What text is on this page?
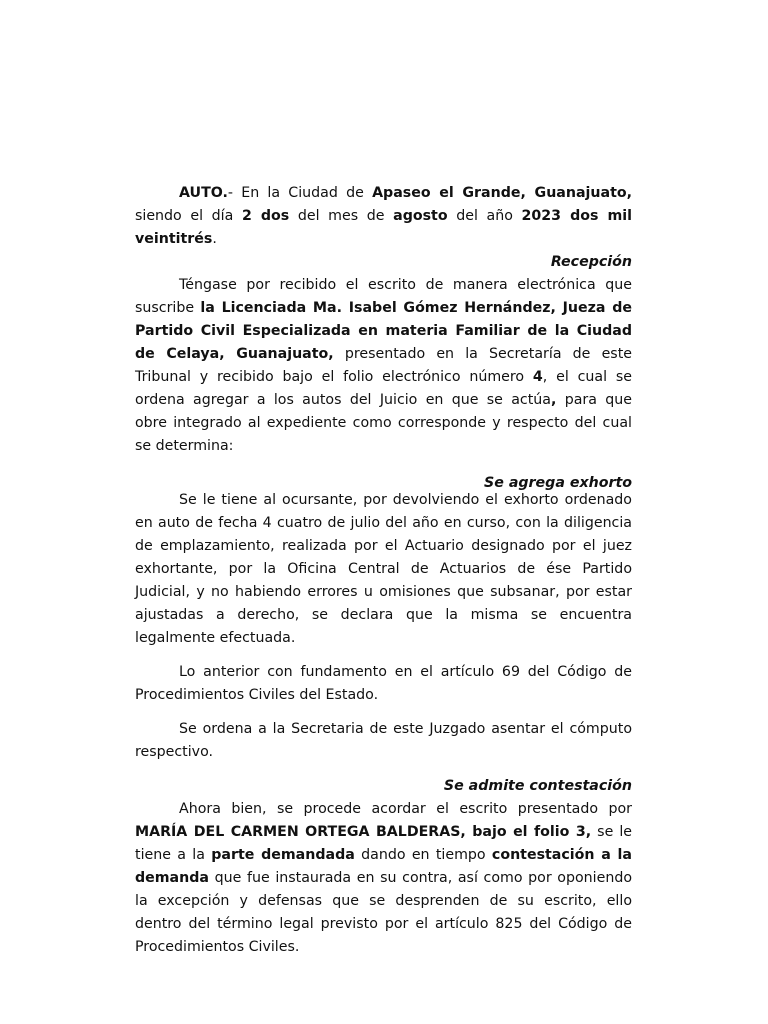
AUTO.- En la Ciudad de Apaseo el Grande, Guanajuato,
siendo el día 2 dos del mes de agosto del año 2023 dos mil
veintitrés.
Recepción
Téngase por recibido el escrito de manera electrónica que
suscribe la Licenciada Ma. Isabel Gómez Hernández, Jueza de
Partido Civil Especializada en materia Familiar de la Ciudad
de Celaya, Guanajuato, presentado en la Secretaría de este
Tribunal y recibido bajo el folio electrónico número 4, el cual se
ordena agregar a los autos del Juicio en que se actúa, para que
obre integrado al expediente como corresponde y respecto del cual
se determina:
Se agrega exhorto
Se le tiene al ocursante, por devolviendo el exhorto ordenado
en auto de fecha 4 cuatro de julio del año en curso, con la diligencia
de emplazamiento, realizada por el Actuario designado por el juez
exhortante, por la Oficina Central de Actuarios de ése Partido
Judicial, y no habiendo errores u omisiones que subsanar, por estar
ajustadas a derecho, se declara que la misma se encuentra
legalmente efectuada.
Lo anterior con fundamento en el artículo 69 del Código de
Procedimientos Civiles del Estado.
Se ordena a la Secretaria de este Juzgado asentar el cómputo
respectivo.
Se admite contestación
Ahora bien, se procede acordar el escrito presentado por
MARÍA DEL CARMEN ORTEGA BALDERAS, bajo el folio 3, se le
tiene a la parte demandada dando en tiempo contestación a la
demanda que fue instaurada en su contra, así como por oponiendo
la excepción y defensas que se desprenden de su escrito, ello
dentro del término legal previsto por el artículo 825 del Código de
Procedimientos Civiles.
